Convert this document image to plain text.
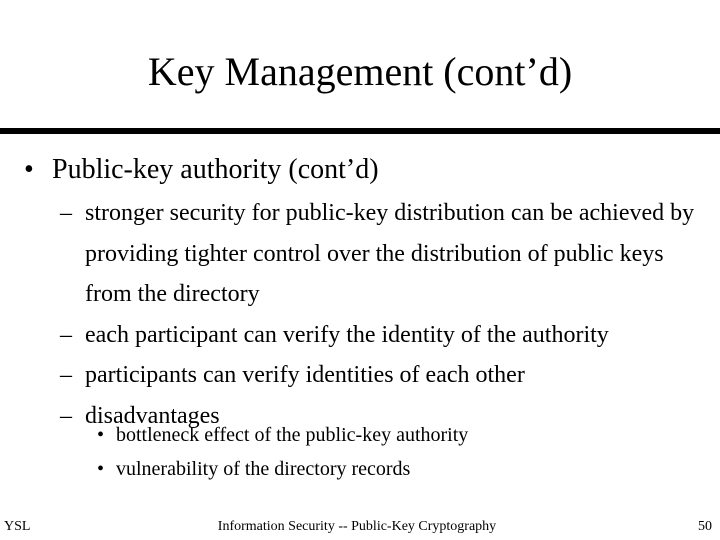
Key Management (cont’d)
• Public-key authority (cont’d)
– stronger security for public-key distribution can be achieved by providing tighter control over the distribution of public keys from the directory
– each participant can verify the identity of the authority
– participants can verify identities of each other
– disadvantages
• bottleneck effect of the public-key authority
• vulnerability of the directory records
YSL	Information Security -- Public-Key Cryptography	50
